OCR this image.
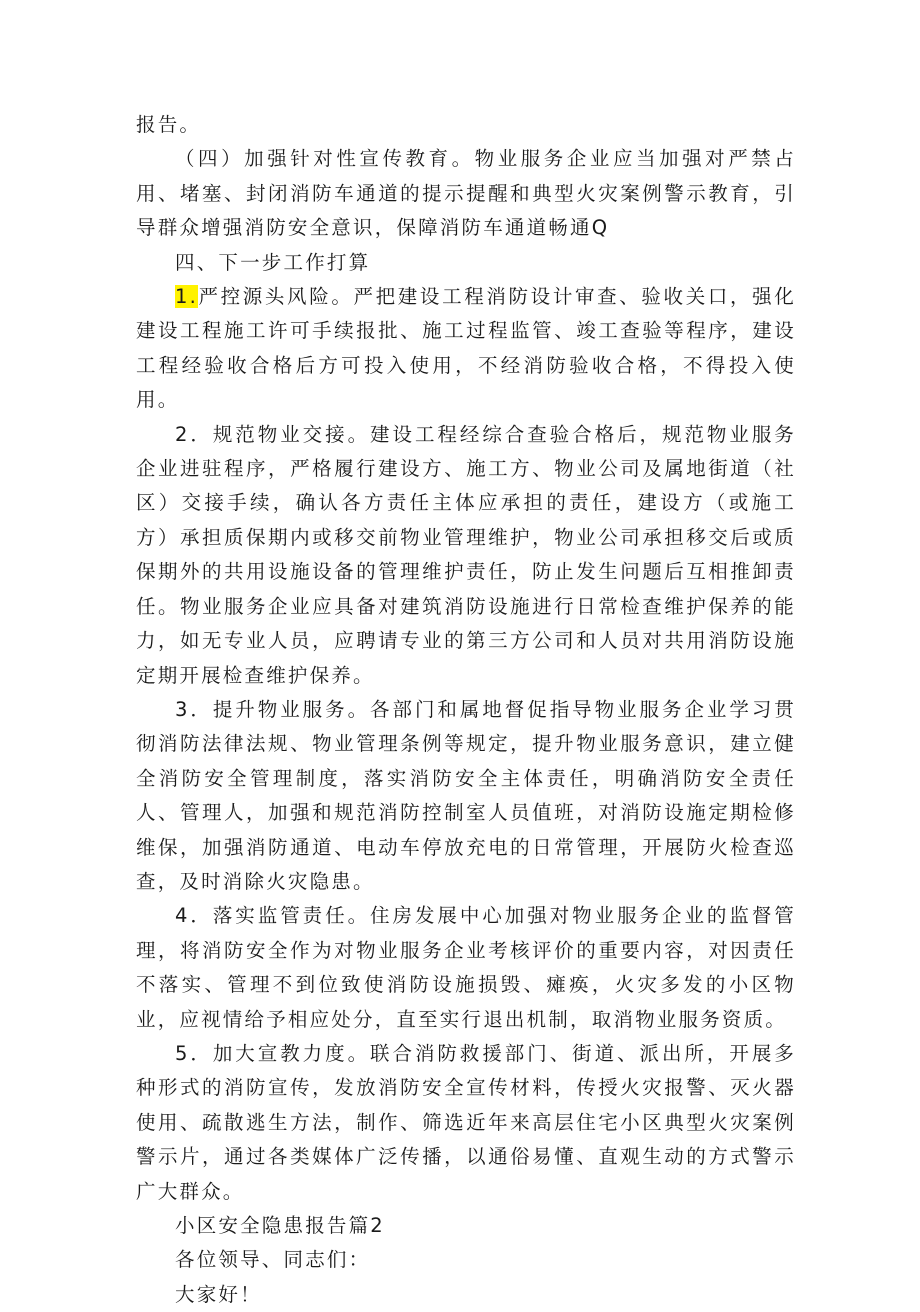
报告。

（四）加强针对性宣传教育。物业服务企业应当加强对严禁占用、堵塞、封闭消防车通道的提示提醒和典型火灾案例警示教育，引导群众增强消防安全意识，保障消防车通道畅通Q

四、下一步工作打算

1.严控源头风险。严把建设工程消防设计审查、验收关口，强化建设工程施工许可手续报批、施工过程监管、竣工查验等程序，建设工程经验收合格后方可投入使用，不经消防验收合格，不得投入使用。

2．规范物业交接。建设工程经综合查验合格后，规范物业服务企业进驻程序，严格履行建设方、施工方、物业公司及属地街道（社区）交接手续，确认各方责任主体应承担的责任，建设方（或施工方）承担质保期内或移交前物业管理维护，物业公司承担移交后或质保期外的共用设施设备的管理维护责任，防止发生问题后互相推卸责任。物业服务企业应具备对建筑消防设施进行日常检查维护保养的能力，如无专业人员，应聘请专业的第三方公司和人员对共用消防设施定期开展检查维护保养。

3．提升物业服务。各部门和属地督促指导物业服务企业学习贯彻消防法律法规、物业管理条例等规定，提升物业服务意识，建立健全消防安全管理制度，落实消防安全主体责任，明确消防安全责任人、管理人，加强和规范消防控制室人员值班，对消防设施定期检修维保，加强消防通道、电动车停放充电的日常管理，开展防火检查巡查，及时消除火灾隐患。

4．落实监管责任。住房发展中心加强对物业服务企业的监督管理，将消防安全作为对物业服务企业考核评价的重要内容，对因责任不落实、管理不到位致使消防设施损毁、瘫痪，火灾多发的小区物业，应视情给予相应处分，直至实行退出机制，取消物业服务资质。

5．加大宣教力度。联合消防救援部门、街道、派出所，开展多种形式的消防宣传，发放消防安全宣传材料，传授火灾报警、灭火器使用、疏散逃生方法，制作、筛选近年来高层住宅小区典型火灾案例警示片，通过各类媒体广泛传播，以通俗易懂、直观生动的方式警示广大群众。

小区安全隐患报告篇2

各位领导、同志们：

大家好！
